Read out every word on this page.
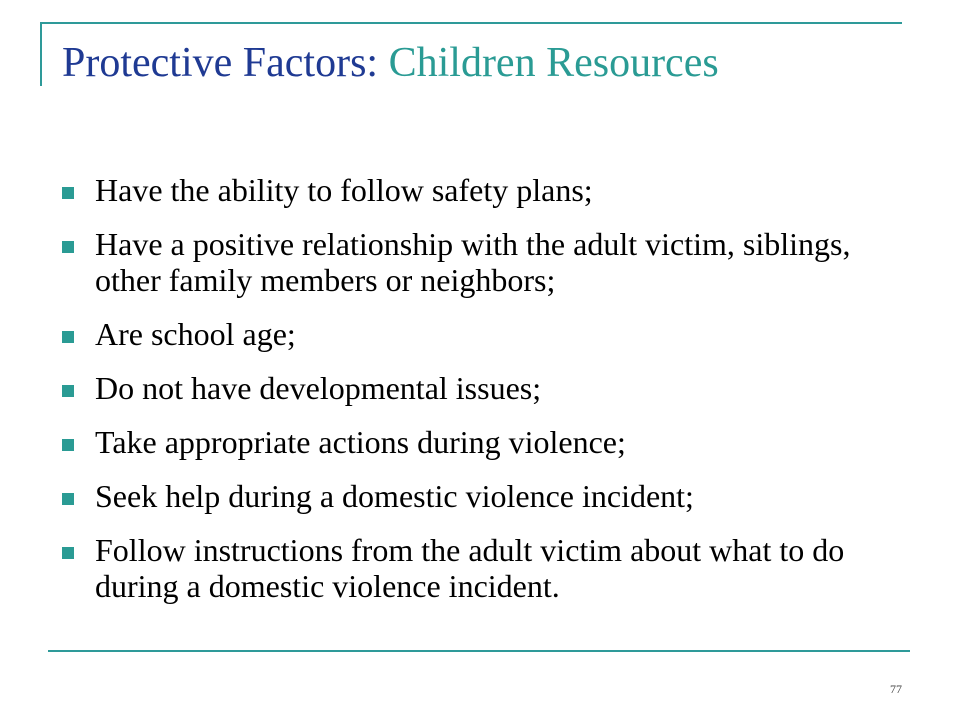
Protective Factors: Children Resources
Have the ability to follow safety plans;
Have a positive relationship with the adult victim, siblings, other family members or neighbors;
Are school age;
Do not have developmental issues;
Take appropriate actions during violence;
Seek help during a domestic violence incident;
Follow instructions from the adult victim about what to do during a domestic violence incident.
77
